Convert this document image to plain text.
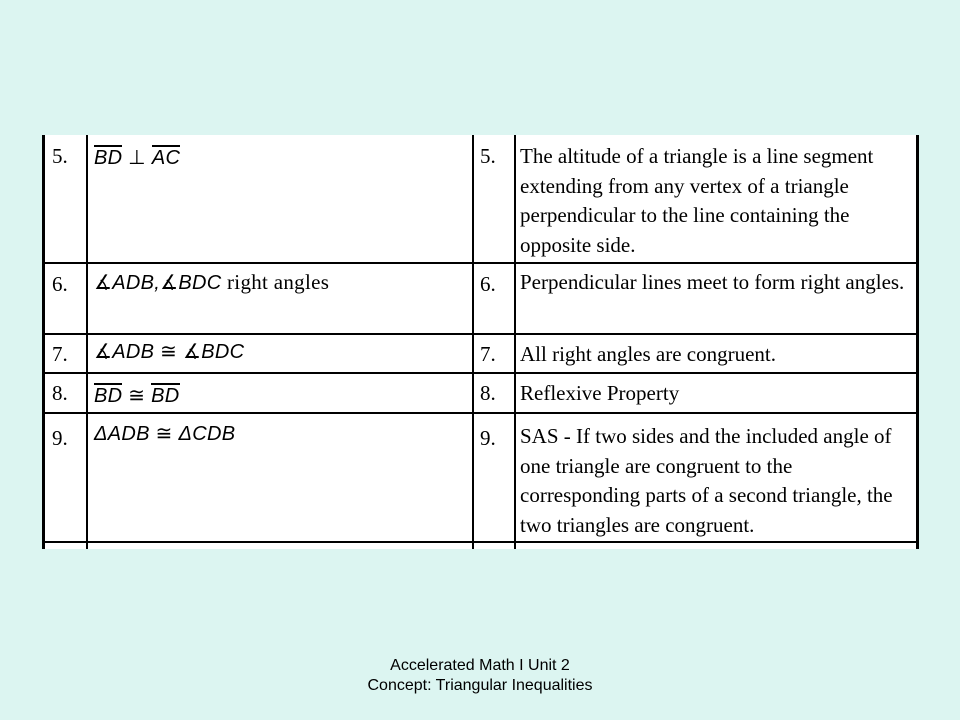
5.	BD ⊥ AC	5.	The altitude of a triangle is a line segment extending from any vertex of a triangle perpendicular to the line containing the opposite side.
6.	∡ADB,∡BDC right angles	6.	Perpendicular lines meet to form right angles.
7.	∡ADB ≅ ∡BDC	7.	All right angles are congruent.
8.	BD ≅ BD	8.	Reflexive Property
9.	ΔADB ≅ ΔCDB	9.	SAS - If two sides and the included angle of one triangle are congruent to the corresponding parts of a second triangle, the two triangles are congruent.
Accelerated Math I Unit 2
Concept: Triangular Inequalities
